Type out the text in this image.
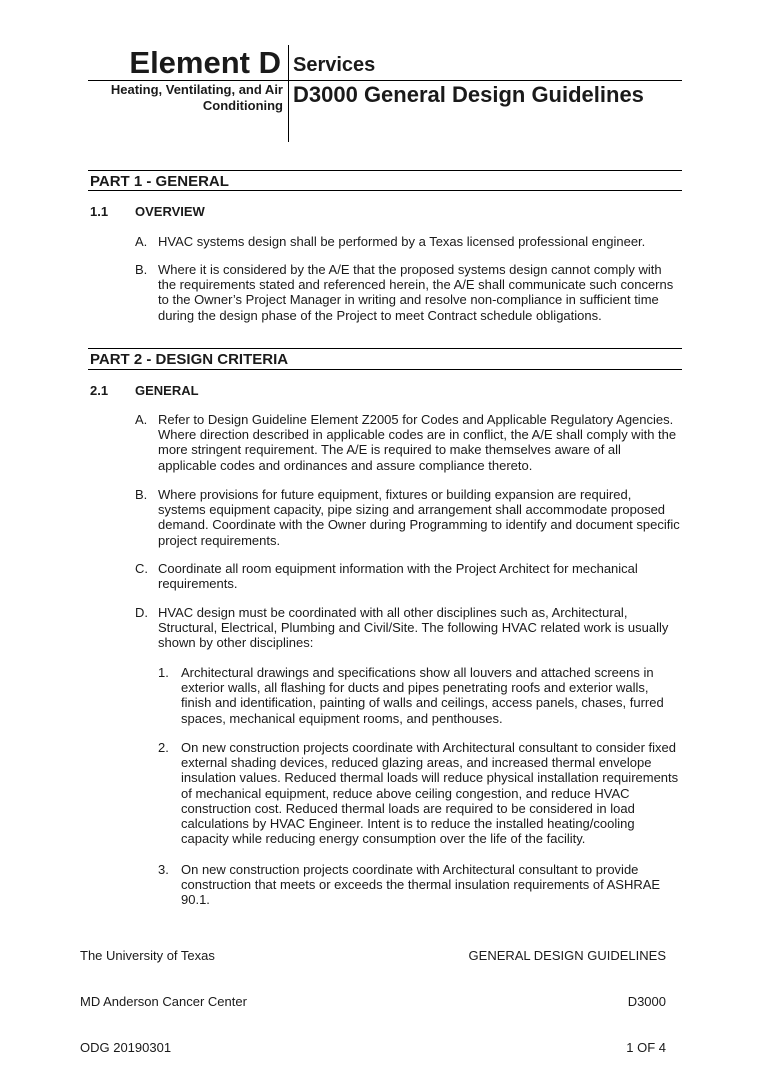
Element D Services
Heating, Ventilating, and Air
Conditioning D3000 General Design Guidelines
PART 1 - GENERAL
1.1 OVERVIEW
A. HVAC systems design shall be performed by a Texas licensed professional engineer.
B. Where it is considered by the A/E that the proposed systems design cannot comply with the requirements stated and referenced herein, the A/E shall communicate such concerns to the Owner’s Project Manager in writing and resolve non-compliance in sufficient time during the design phase of the Project to meet Contract schedule obligations.
PART 2 - DESIGN CRITERIA
2.1 GENERAL
A. Refer to Design Guideline Element Z2005 for Codes and Applicable Regulatory Agencies. Where direction described in applicable codes are in conflict, the A/E shall comply with the more stringent requirement. The A/E is required to make themselves aware of all applicable codes and ordinances and assure compliance thereto.
B. Where provisions for future equipment, fixtures or building expansion are required, systems equipment capacity, pipe sizing and arrangement shall accommodate proposed demand. Coordinate with the Owner during Programming to identify and document specific project requirements.
C. Coordinate all room equipment information with the Project Architect for mechanical requirements.
D. HVAC design must be coordinated with all other disciplines such as, Architectural, Structural, Electrical, Plumbing and Civil/Site. The following HVAC related work is usually shown by other disciplines:
1. Architectural drawings and specifications show all louvers and attached screens in exterior walls, all flashing for ducts and pipes penetrating roofs and exterior walls, finish and identification, painting of walls and ceilings, access panels, chases, furred spaces, mechanical equipment rooms, and penthouses.
2. On new construction projects coordinate with Architectural consultant to consider fixed external shading devices, reduced glazing areas, and increased thermal envelope insulation values. Reduced thermal loads will reduce physical installation requirements of mechanical equipment, reduce above ceiling congestion, and reduce HVAC construction cost. Reduced thermal loads are required to be considered in load calculations by HVAC Engineer. Intent is to reduce the installed heating/cooling capacity while reducing energy consumption over the life of the facility.
3. On new construction projects coordinate with Architectural consultant to provide construction that meets or exceeds the thermal insulation requirements of ASHRAE 90.1.

The University of Texas

MD Anderson Cancer Center

ODG 20190301

GENERAL DESIGN GUIDELINES

D3000

1 OF 4
